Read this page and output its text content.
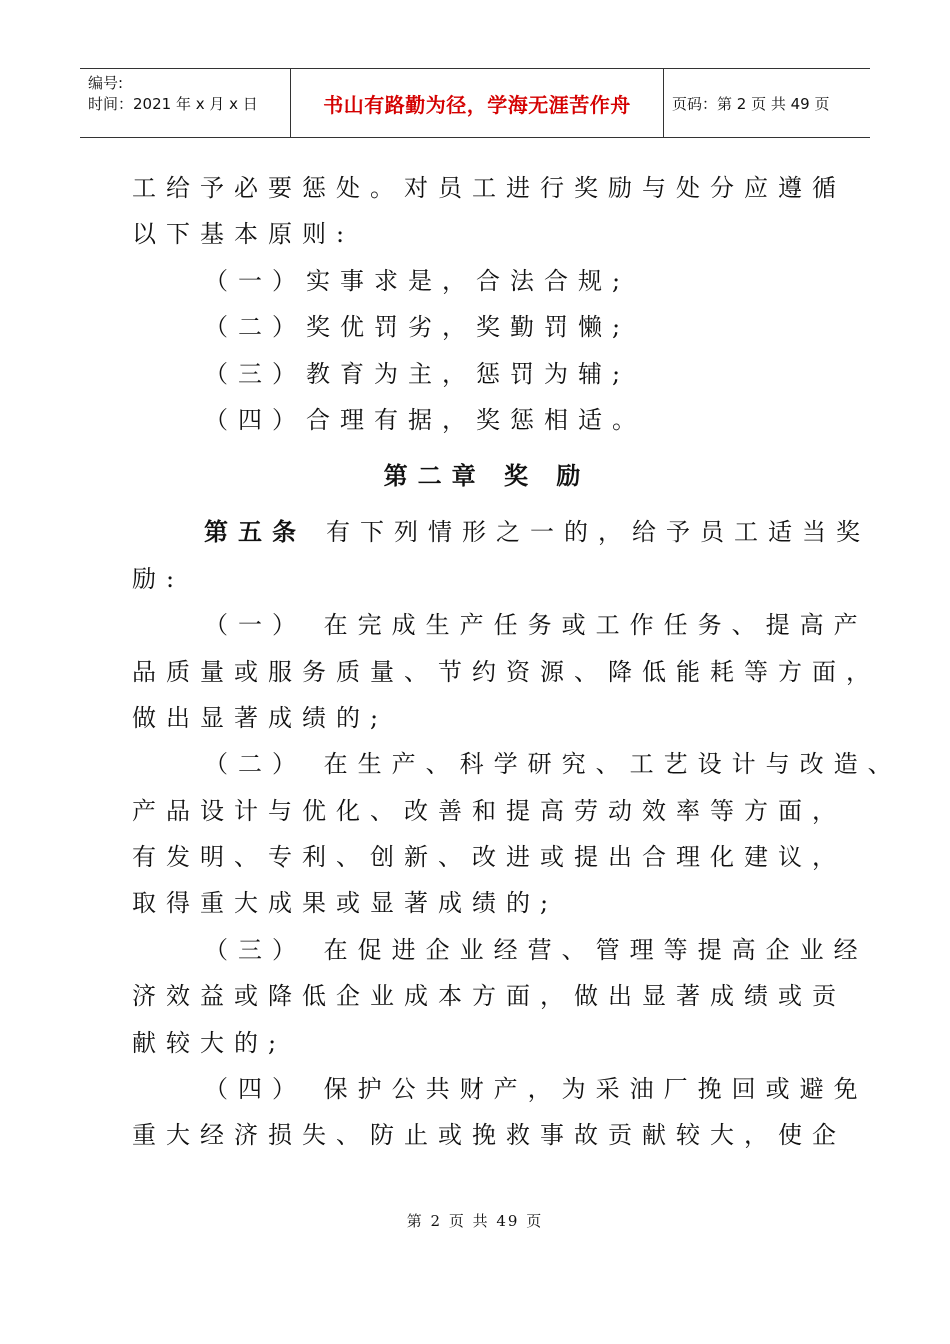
编号:
时间：2021 年 x 月 x 日	书山有路勤为径，学海无涯苦作舟	页码：第 2 页 共 49 页
工给予必要惩处。对员工进行奖励与处分应遵循
以下基本原则:
（一）实事求是，合法合规;
（二）奖优罚劣，奖勤罚懒;
（三）教育为主，惩罚为辅;
（四）合理有据，奖惩相适。
第二章 奖 励
第五条 有下列情形之一的，给予员工适当奖
励:
（一） 在完成生产任务或工作任务、提高产
品质量或服务质量、节约资源、降低能耗等方面，
做出显著成绩的;
（二） 在生产、科学研究、工艺设计与改造、
产品设计与优化、改善和提高劳动效率等方面，
有发明、专利、创新、改进或提出合理化建议，
取得重大成果或显著成绩的;
（三） 在促进企业经营、管理等提高企业经
济效益或降低企业成本方面，做出显著成绩或贡
献较大的;
（四） 保护公共财产，为采油厂挽回或避免
重大经济损失、防止或挽救事故贡献较大，使企
第 2 页 共 49 页
